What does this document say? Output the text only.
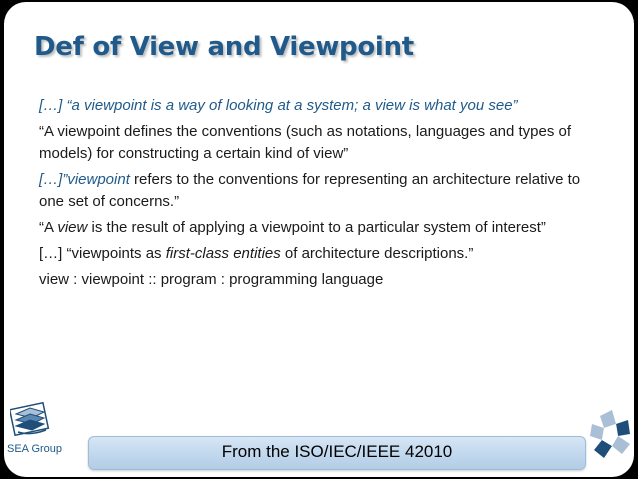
Def of View and Viewpoint

[…] “a viewpoint is a way of looking at a system; a view is what you see”

“A viewpoint defines the conventions (such as notations, languages and types of models) for constructing a certain kind of view”

[…]”viewpoint refers to the conventions for representing an architecture relative to one set of concerns.”

“A view is the result of applying a viewpoint to a particular system of interest”

[…] “viewpoints as first-class entities of architecture descriptions.”

view : viewpoint :: program : programming language

SEA Group	From the ISO/IEC/IEEE 42010
